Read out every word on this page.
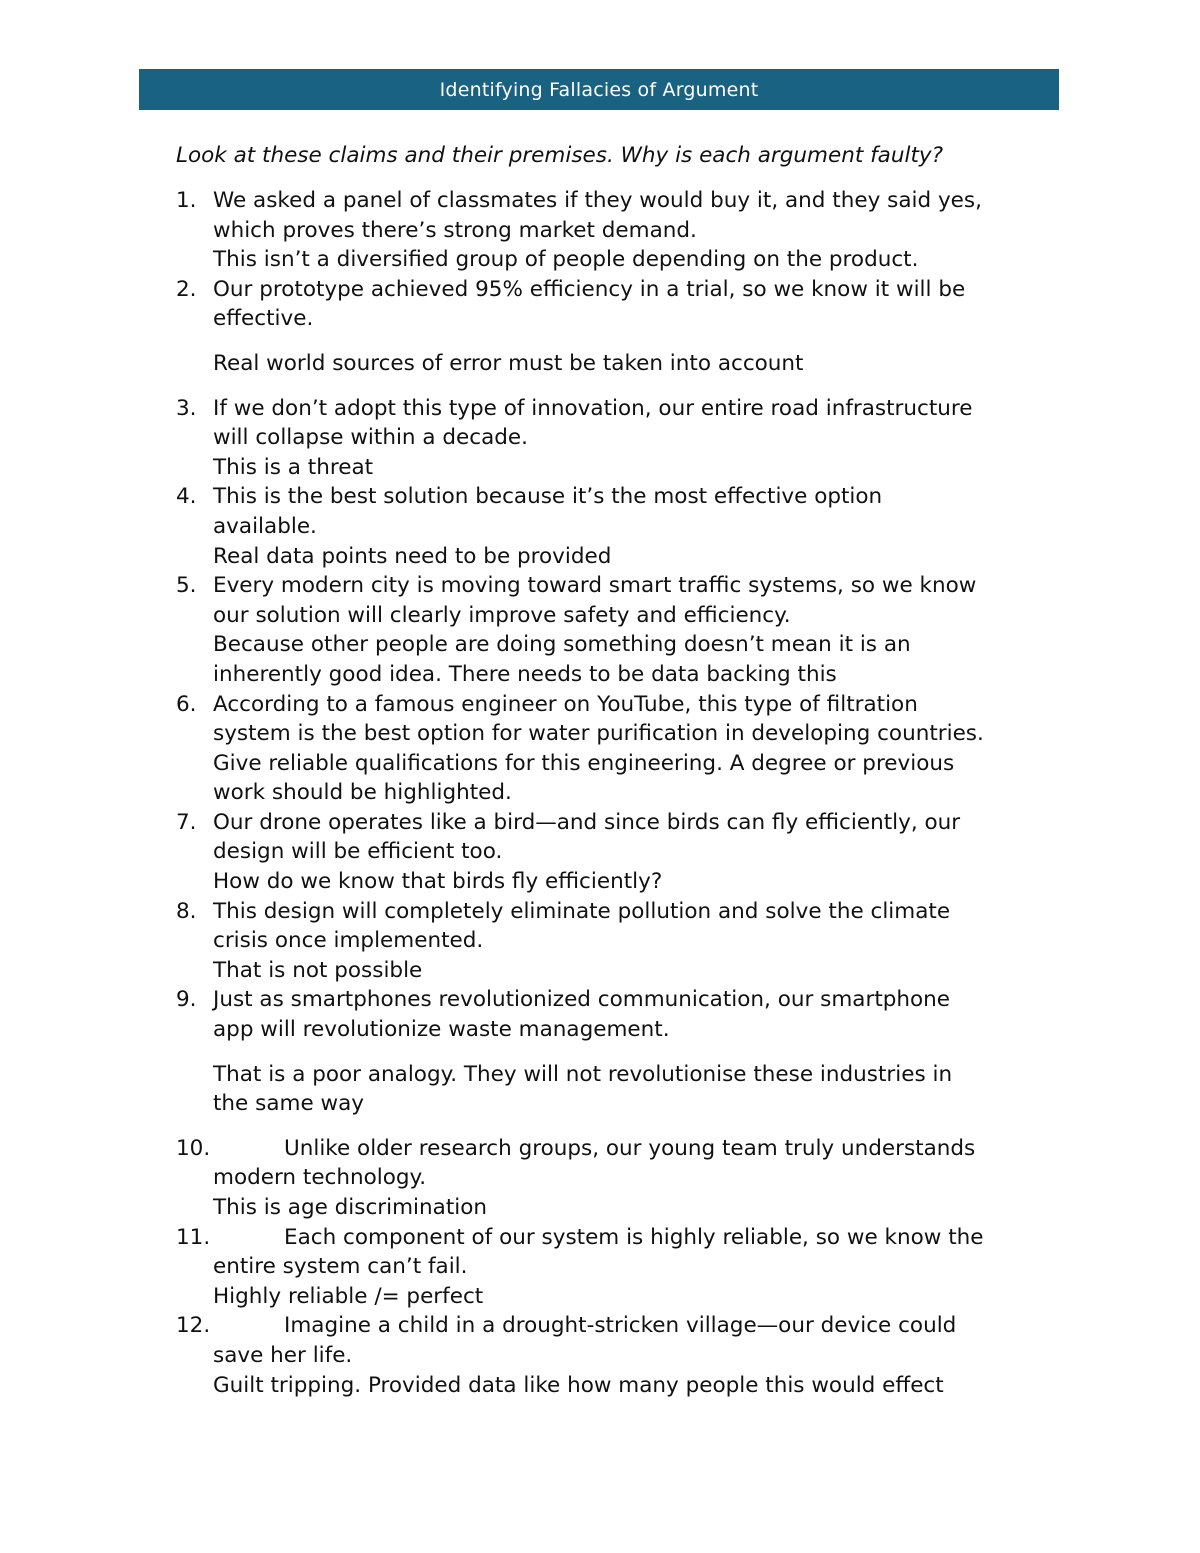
Identifying Fallacies of Argument
Look at these claims and their premises. Why is each argument faulty?
1. We asked a panel of classmates if they would buy it, and they said yes,
which proves there’s strong market demand.
This isn’t a diversified group of people depending on the product.
2. Our prototype achieved 95% efficiency in a trial, so we know it will be
effective.
Real world sources of error must be taken into account
3. If we don’t adopt this type of innovation, our entire road infrastructure
will collapse within a decade.
This is a threat
4. This is the best solution because it’s the most effective option
available.
Real data points need to be provided
5. Every modern city is moving toward smart traffic systems, so we know
our solution will clearly improve safety and efficiency.
Because other people are doing something doesn’t mean it is an
inherently good idea. There needs to be data backing this
6. According to a famous engineer on YouTube, this type of filtration
system is the best option for water purification in developing countries.
Give reliable qualifications for this engineering. A degree or previous
work should be highlighted.
7. Our drone operates like a bird—and since birds can fly efficiently, our
design will be efficient too.
How do we know that birds fly efficiently?
8. This design will completely eliminate pollution and solve the climate
crisis once implemented.
That is not possible
9. Just as smartphones revolutionized communication, our smartphone
app will revolutionize waste management.
That is a poor analogy. They will not revolutionise these industries in
the same way
10.	Unlike older research groups, our young team truly understands
modern technology.
This is age discrimination
11.	Each component of our system is highly reliable, so we know the
entire system can’t fail.
Highly reliable /= perfect
12.	Imagine a child in a drought-stricken village—our device could
save her life.
Guilt tripping. Provided data like how many people this would effect
